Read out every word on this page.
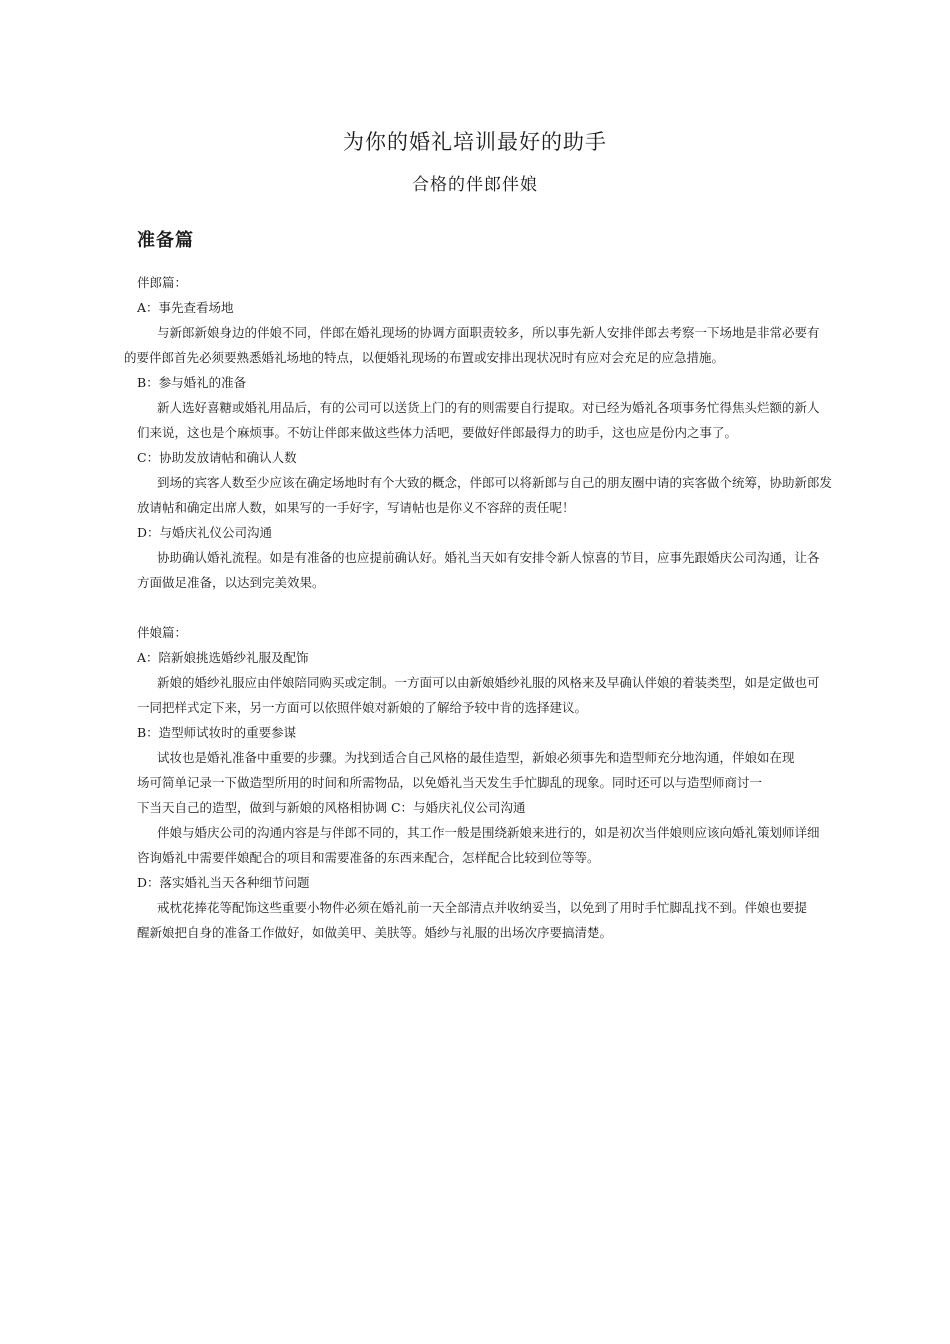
为你的婚礼培训最好的助手
合格的伴郎伴娘
准备篇
伴郎篇：
A：事先查看场地
与新郎新娘身边的伴娘不同，伴郎在婚礼现场的协调方面职责较多，所以事先新人安排伴郎去考察一下场地是非常必要有
的要伴郎首先必须要熟悉婚礼场地的特点，以便婚礼现场的布置或安排出现状况时有应对会充足的应急措施。
B：参与婚礼的准备
新人选好喜糖或婚礼用品后，有的公司可以送货上门的有的则需要自行提取。对已经为婚礼各项事务忙得焦头烂额的新人
们来说，这也是个麻烦事。不妨让伴郎来做这些体力活吧，要做好伴郎最得力的助手，这也应是份内之事了。
C：协助发放请帖和确认人数
到场的宾客人数至少应该在确定场地时有个大致的概念，伴郎可以将新郎与自己的朋友圈中请的宾客做个统筹，协助新郎发
放请帖和确定出席人数，如果写的一手好字，写请帖也是你义不容辞的责任呢！
D：与婚庆礼仪公司沟通
协助确认婚礼流程。如是有准备的也应提前确认好。婚礼当天如有安排令新人惊喜的节目，应事先跟婚庆公司沟通，让各
方面做足准备，以达到完美效果。
伴娘篇：
A：陪新娘挑选婚纱礼服及配饰
新娘的婚纱礼服应由伴娘陪同购买或定制。一方面可以由新娘婚纱礼服的风格来及早确认伴娘的着装类型，如是定做也可
一同把样式定下来，另一方面可以依照伴娘对新娘的了解给予较中肯的选择建议。
B：造型师试妆时的重要参谋
试妆也是婚礼准备中重要的步骤。为找到适合自己风格的最佳造型，新娘必须事先和造型师充分地沟通，伴娘如在现
场可简单记录一下做造型所用的时间和所需物品，以免婚礼当天发生手忙脚乱的现象。同时还可以与造型师商讨一
下当天自己的造型，做到与新娘的风格相协调 C：与婚庆礼仪公司沟通
伴娘与婚庆公司的沟通内容是与伴郎不同的，其工作一般是围绕新娘来进行的，如是初次当伴娘则应该向婚礼策划师详细
咨询婚礼中需要伴娘配合的项目和需要准备的东西来配合，怎样配合比较到位等等。
D：落实婚礼当天各种细节问题
戒枕花捧花等配饰这些重要小物件必须在婚礼前一天全部清点并收纳妥当，以免到了用时手忙脚乱找不到。伴娘也要提
醒新娘把自身的准备工作做好，如做美甲、美肤等。婚纱与礼服的出场次序要搞清楚。
